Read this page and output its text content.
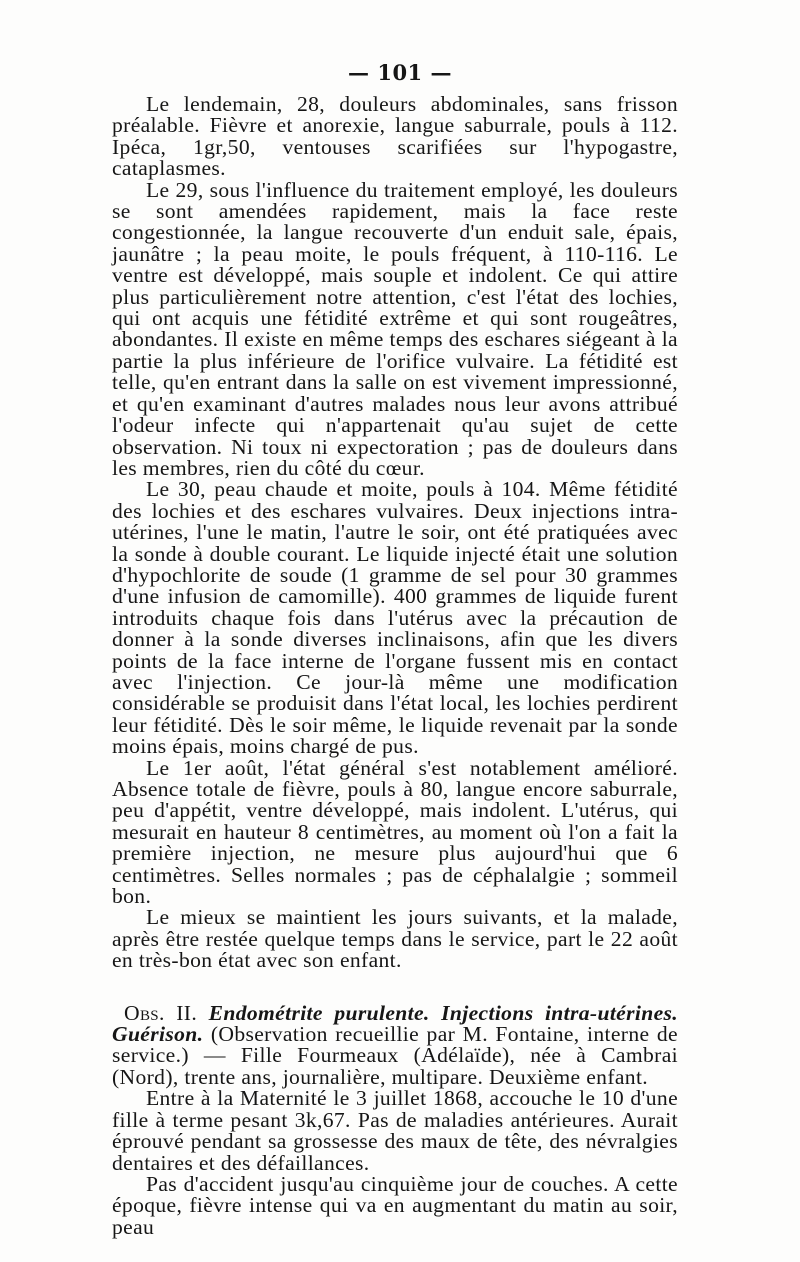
— 101 —

Le lendemain, 28, douleurs abdominales, sans frisson préalable. Fièvre et anorexie, langue saburrale, pouls à 112. Ipéca, 1gr,50, ventouses scarifiées sur l'hypogastre, cataplasmes.

Le 29, sous l'influence du traitement employé, les douleurs se sont amendées rapidement, mais la face reste congestionnée, la langue recouverte d'un enduit sale, épais, jaunâtre ; la peau moite, le pouls fréquent, à 110-116. Le ventre est développé, mais souple et indolent. Ce qui attire plus particulièrement notre attention, c'est l'état des lochies, qui ont acquis une fétidité extrême et qui sont rougeâtres, abondantes. Il existe en même temps des eschares siégeant à la partie la plus inférieure de l'orifice vulvaire. La fétidité est telle, qu'en entrant dans la salle on est vivement impressionné, et qu'en examinant d'autres malades nous leur avons attribué l'odeur infecte qui n'appartenait qu'au sujet de cette observation. Ni toux ni expectoration ; pas de douleurs dans les membres, rien du côté du cœur.

Le 30, peau chaude et moite, pouls à 104. Même fétidité des lochies et des eschares vulvaires. Deux injections intra-utérines, l'une le matin, l'autre le soir, ont été pratiquées avec la sonde à double courant. Le liquide injecté était une solution d'hypochlorite de soude (1 gramme de sel pour 30 grammes d'une infusion de camomille). 400 grammes de liquide furent introduits chaque fois dans l'utérus avec la précaution de donner à la sonde diverses inclinaisons, afin que les divers points de la face interne de l'organe fussent mis en contact avec l'injection. Ce jour-là même une modification considérable se produisit dans l'état local, les lochies perdirent leur fétidité. Dès le soir même, le liquide revenait par la sonde moins épais, moins chargé de pus.

Le 1er août, l'état général s'est notablement amélioré. Absence totale de fièvre, pouls à 80, langue encore saburrale, peu d'appétit, ventre développé, mais indolent. L'utérus, qui mesurait en hauteur 8 centimètres, au moment où l'on a fait la première injection, ne mesure plus aujourd'hui que 6 centimètres. Selles normales ; pas de céphalalgie ; sommeil bon.

Le mieux se maintient les jours suivants, et la malade, après être restée quelque temps dans le service, part le 22 août en très-bon état avec son enfant.

Obs. II. Endométrite purulente. Injections intra-utérines. Guérison. (Observation recueillie par M. Fontaine, interne de service.) — Fille Fourmeaux (Adélaïde), née à Cambrai (Nord), trente ans, journalière, multipare. Deuxième enfant.

Entre à la Maternité le 3 juillet 1868, accouche le 10 d'une fille à terme pesant 3k,67. Pas de maladies antérieures. Aurait éprouvé pendant sa grossesse des maux de tête, des névralgies dentaires et des défaillances.

Pas d'accident jusqu'au cinquième jour de couches. A cette époque, fièvre intense qui va en augmentant du matin au soir, peau
